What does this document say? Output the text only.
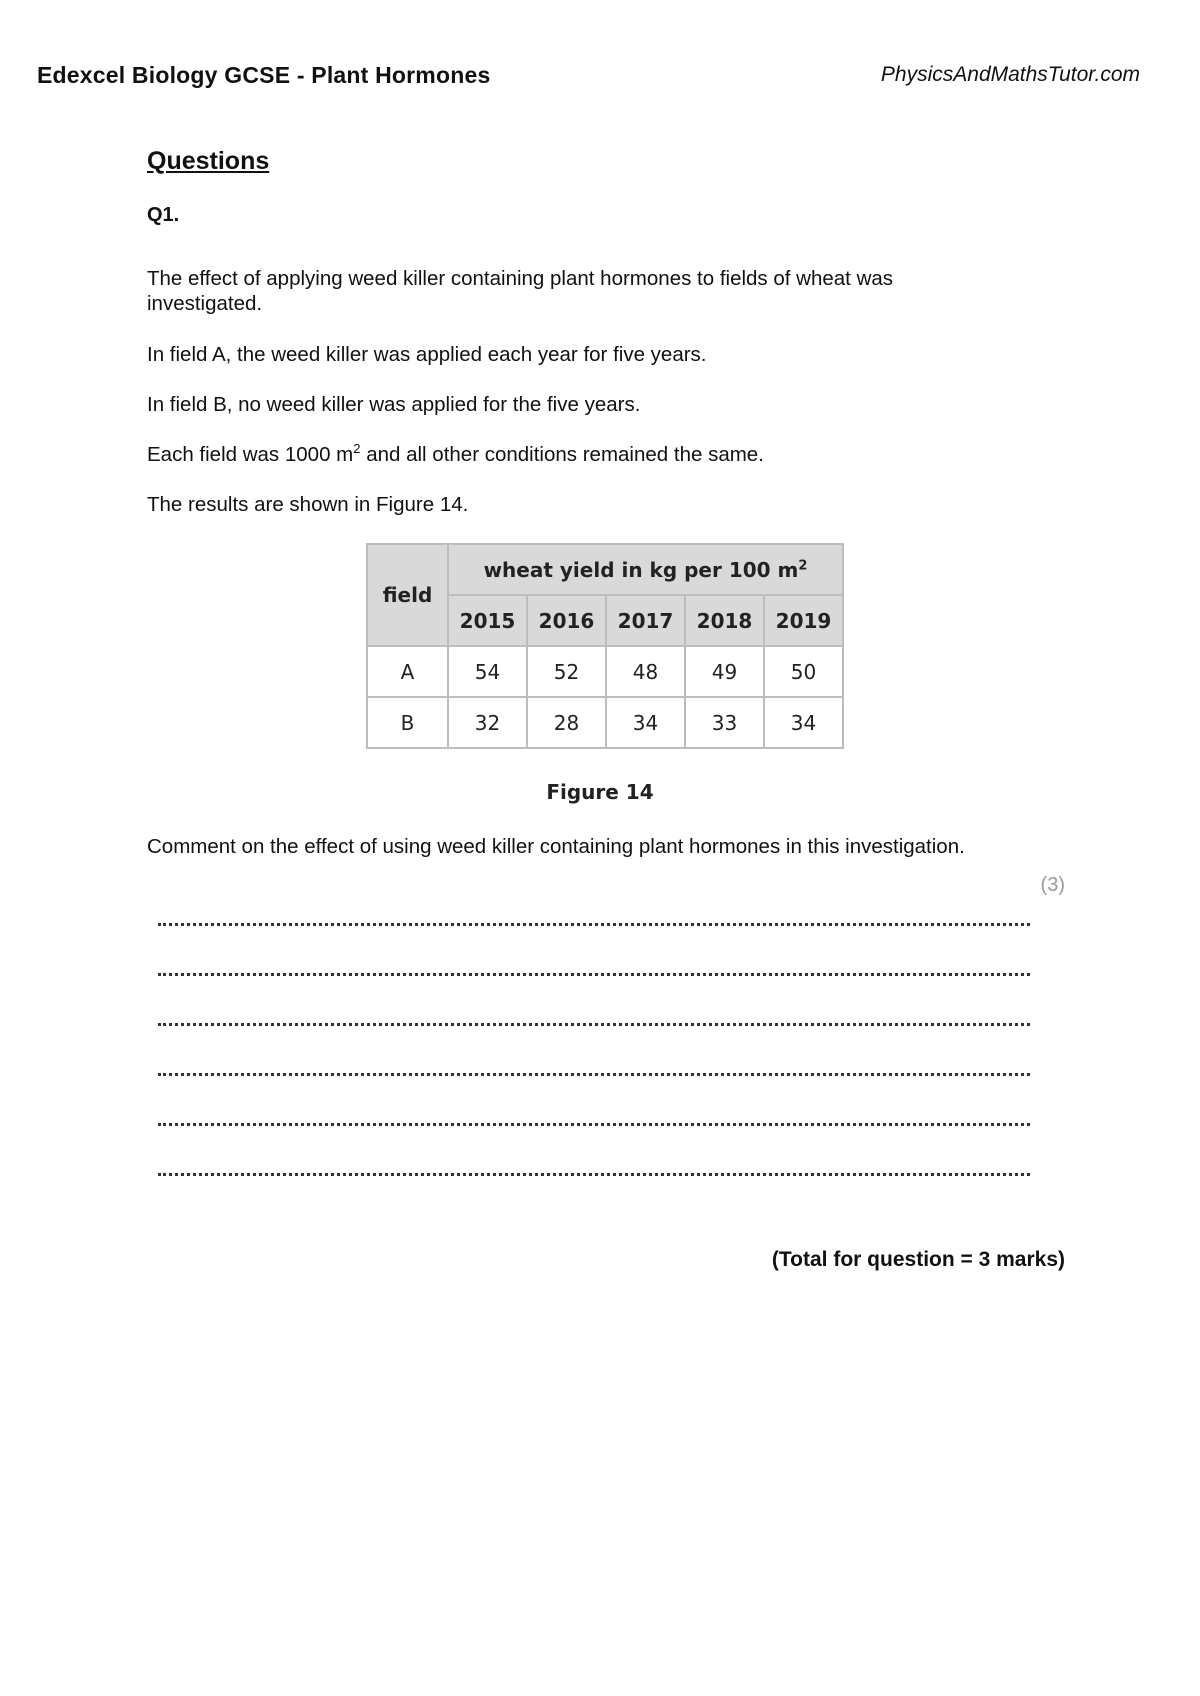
Edexcel Biology GCSE - Plant Hormones	PhysicsAndMathsTutor.com
Questions
Q1.
The effect of applying weed killer containing plant hormones to fields of wheat was investigated.
In field A, the weed killer was applied each year for five years.
In field B, no weed killer was applied for the five years.
Each field was 1000 $m^2$ and all other conditions remained the same.
The results are shown in Figure 14.
Comment on the effect of using weed killer containing plant hormones in this investigation.
field	wheat yield in kg per 100 $m^2$
	2015	2016	2017	2018	2019
A	54	52	48	49	50
B	32	28	34	33	34
Figure 14
(3)
(Total for question = 3 marks)
